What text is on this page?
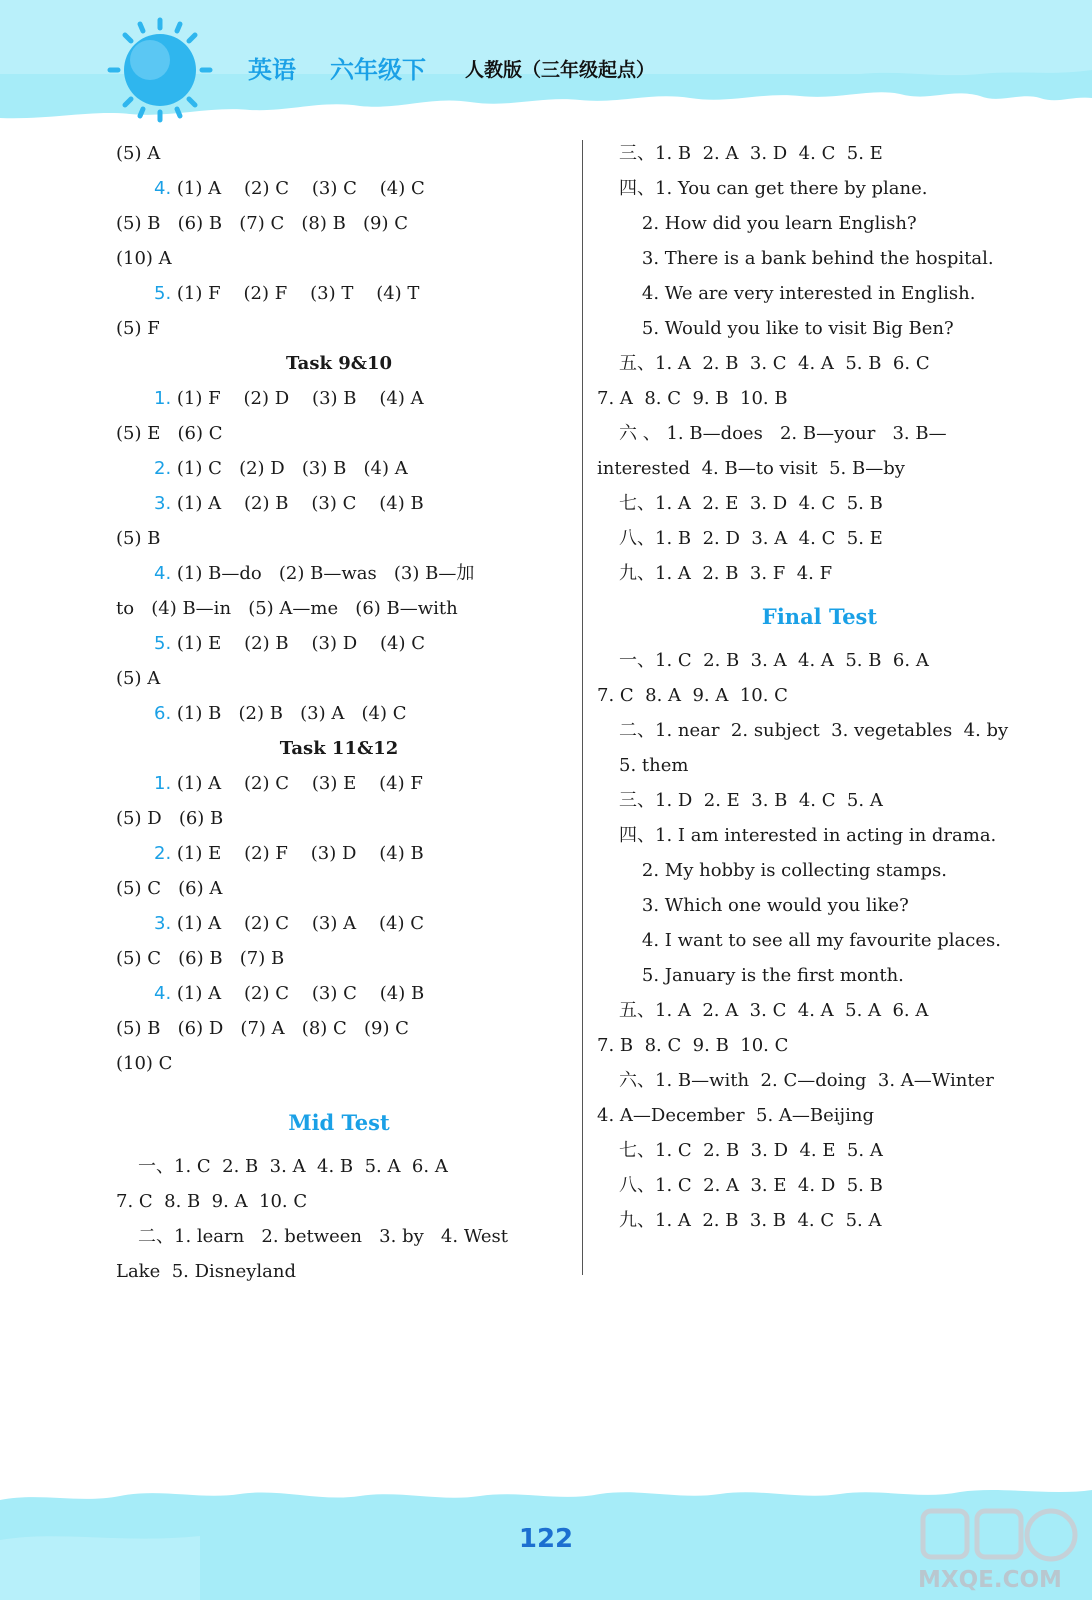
英语 六年级下 人教版（三年级起点）
(5) A
4. (1) A    (2) C    (3) C    (4) C
(5) B   (6) B   (7) C   (8) B   (9) C
(10) A
5. (1) F    (2) F    (3) T    (4) T
(5) F
Task 9&10
1. (1) F    (2) D    (3) B    (4) A
(5) E   (6) C
2. (1) C   (2) D   (3) B   (4) A
3. (1) A    (2) B    (3) C    (4) B
(5) B
4. (1) B—do   (2) B—was   (3) B—加
to   (4) B—in   (5) A—me   (6) B—with
5. (1) E    (2) B    (3) D    (4) C
(5) A
6. (1) B   (2) B   (3) A   (4) C
Task 11&12
1. (1) A    (2) C    (3) E    (4) F
(5) D   (6) B
2. (1) E    (2) F    (3) D    (4) B
(5) C   (6) A
3. (1) A    (2) C    (3) A    (4) C
(5) C   (6) B   (7) B
4. (1) A    (2) C    (3) C    (4) B
(5) B   (6) D   (7) A   (8) C   (9) C
(10) C
Mid Test
一、1. C  2. B  3. A  4. B  5. A  6. A
7. C  8. B  9. A  10. C
二、1. learn   2. between   3. by   4. West
Lake  5. Disneyland
三、1. B  2. A  3. D  4. C  5. E
四、1. You can get there by plane.
2. How did you learn English?
3. There is a bank behind the hospital.
4. We are very interested in English.
5. Would you like to visit Big Ben?
五、1. A  2. B  3. C  4. A  5. B  6. C
7. A  8. C  9. B  10. B
六 、 1. B—does   2. B—your   3. B—
interested  4. B—to visit  5. B—by
七、1. A  2. E  3. D  4. C  5. B
八、1. B  2. D  3. A  4. C  5. E
九、1. A  2. B  3. F  4. F
Final Test
一、1. C  2. B  3. A  4. A  5. B  6. A
7. C  8. A  9. A  10. C
二、1. near  2. subject  3. vegetables  4. by
5. them
三、1. D  2. E  3. B  4. C  5. A
四、1. I am interested in acting in drama.
2. My hobby is collecting stamps.
3. Which one would you like?
4. I want to see all my favourite places.
5. January is the first month.
五、1. A  2. A  3. C  4. A  5. A  6. A
7. B  8. C  9. B  10. C
六、1. B—with  2. C—doing  3. A—Winter
4. A—December  5. A—Beijing
七、1. C  2. B  3. D  4. E  5. A
八、1. C  2. A  3. E  4. D  5. B
九、1. A  2. B  3. B  4. C  5. A
122
MXQE.COM
